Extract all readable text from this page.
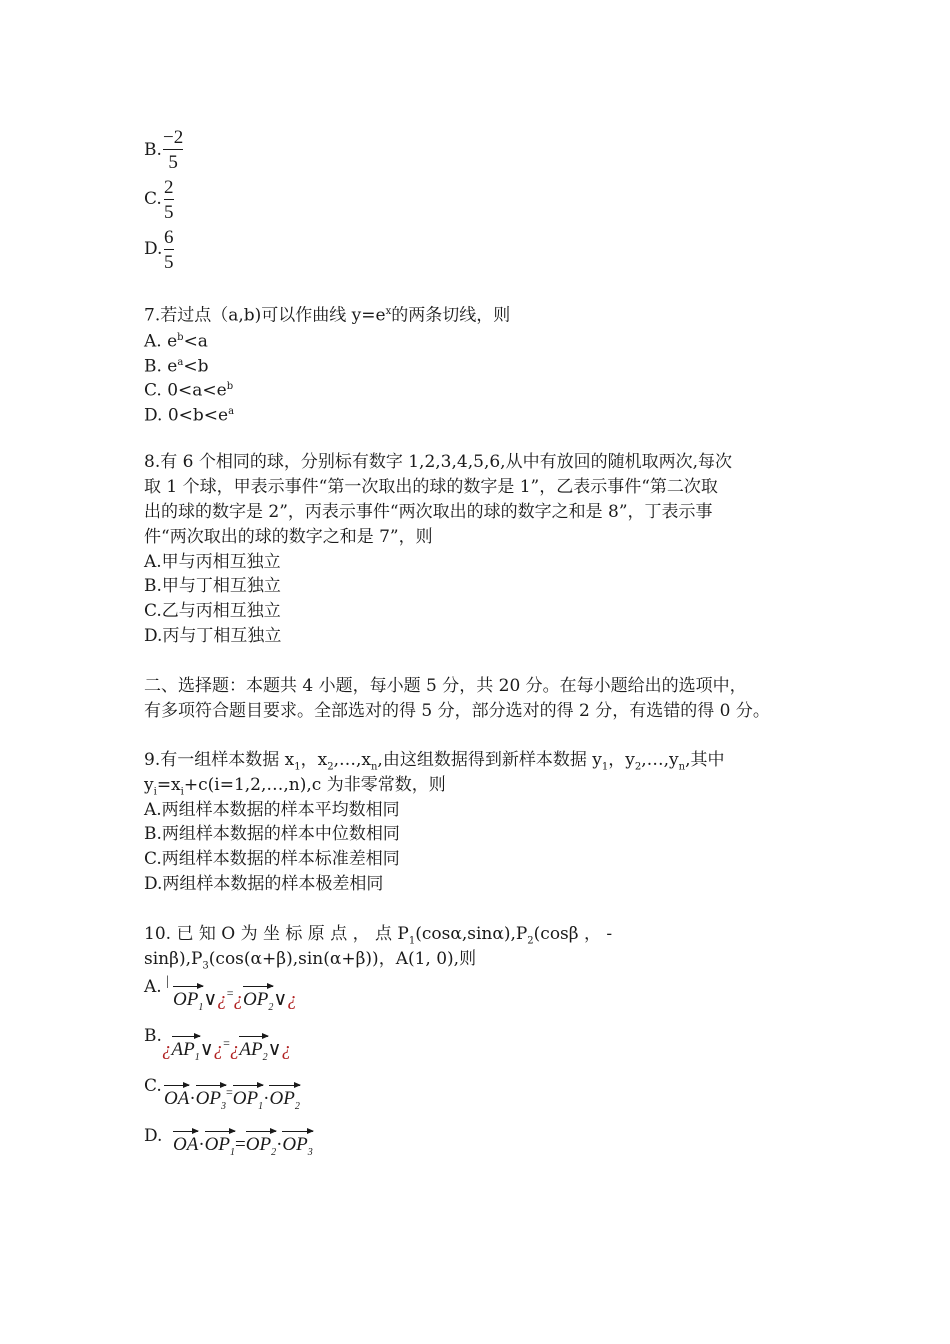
B.
−2
5
C.
2
5
D.
6
5
7.若过点（a,b)可以作曲线 $y=e^x$的两条切线，则
A. $e^b<a$
B. $e^a<b$
C. $0<a<e^b$
D. $0<b<e^a$
8.有 6 个相同的球，分别标有数字 1,2,3,4,5,6,从中有放回的随机取两次,每次
取 1 个球，甲表示事件“第一次取出的球的数字是 1”，乙表示事件“第二次取
出的球的数字是 2”，丙表示事件“两次取出的球的数字之和是 8”，丁表示事
件“两次取出的球的数字之和是 7”，则
A.甲与丙相互独立
B.甲与丁相互独立
C.乙与丙相互独立
D.丙与丁相互独立
二、选择题：本题共 4 小题，每小题 5 分，共 20 分。在每小题给出的选项中，
有多项符合题目要求。全部选对的得 5 分，部分选对的得 2 分，有选错的得 0 分。
9.有一组样本数据 $x_1$，$x_2,\dots,x_n$,由这组数据得到新样本数据 $y_1$，$y_2,\dots,y_n$,其中
$y_i=x_i+c(i=1,2,\dots,n),c$ 为非零常数，则
A.两组样本数据的样本平均数相同
B.两组样本数据的样本中位数相同
C.两组样本数据的样本标准差相同
D.两组样本数据的样本极差相同
10. 已 知 O 为 坐 标 原 点 ， 点 $P_1(\cos\alpha,\sin\alpha),P_2(\cos\beta$ ， -
$\sin\beta),P_3(\cos(\alpha+\beta),\sin(\alpha+\beta))$，A(1, 0),则
A. |
$OP_1\vee¿^=¿$
$OP_2\vee¿$
B.
¿
$AP_1\vee¿^=¿$
$AP_2\vee¿$
C.
OA·
$OP_3^=$
$OP_1\cdot$
$OP_2$
D. OA·
$OP_1=$
$OP_2\cdot$
$OP_3$
